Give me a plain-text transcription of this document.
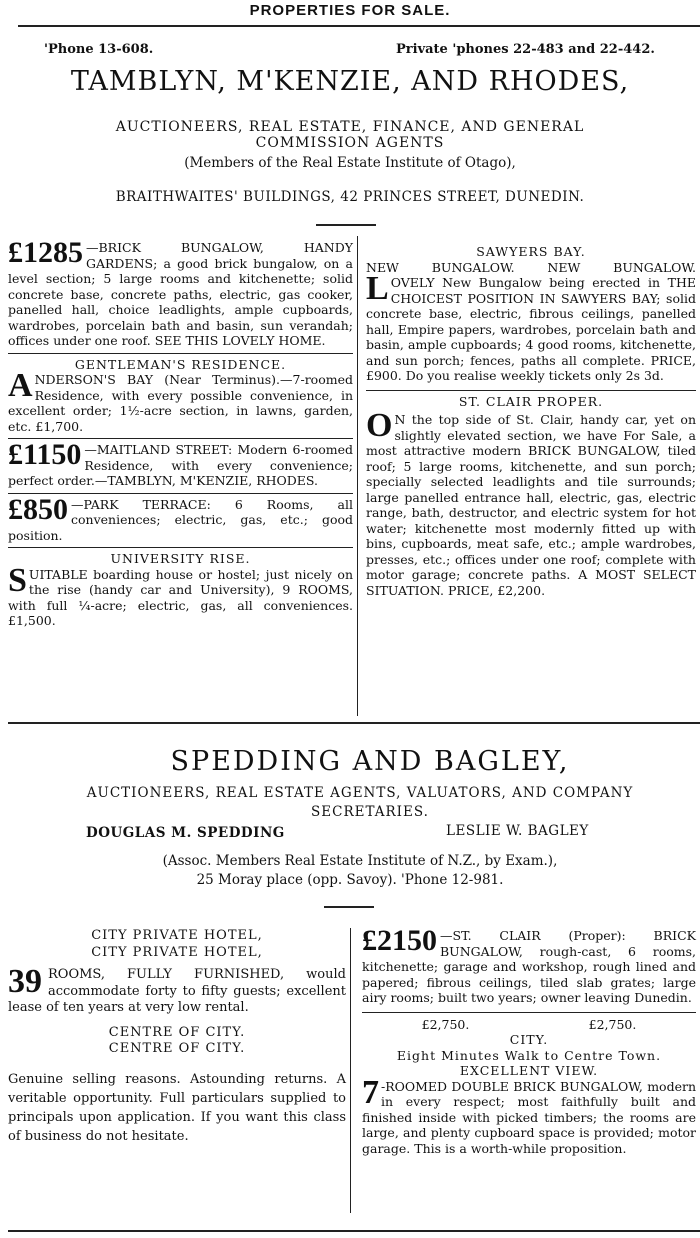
PROPERTIES FOR SALE.
'Phone 13-608.	Private 'phones 22-483 and 22-442.
TAMBLYN, M'KENZIE, AND RHODES,
AUCTIONEERS, REAL ESTATE, FINANCE, AND GENERAL
COMMISSION AGENTS
(Members of the Real Estate Institute of Otago),
BRAITHWAITES' BUILDINGS, 42 PRINCES STREET, DUNEDIN.

£1285 —BRICK BUNGALOW, HANDY GARDENS; a good brick bungalow, on a level section; 5 large rooms and kitchenette; solid concrete base, concrete paths, electric, gas cooker, panelled hall, choice leadlights, ample cupboards, wardrobes, porcelain bath and basin, sun verandah; offices under one roof. SEE THIS LOVELY HOME.

GENTLEMAN'S RESIDENCE.

ANDERSON'S BAY (Near Terminus).—7-roomed Residence, with every possible convenience, in excellent order; 1½-acre section, in lawns, garden, etc. £1,700.

£1150 —MAITLAND STREET: Modern 6-roomed Residence, with every convenience; perfect order.—TAMBLYN, M'KENZIE, RHODES.

£850 —PARK TERRACE: 6 Rooms, all conveniences; electric, gas, etc.; good position.

UNIVERSITY RISE.

SUITABLE boarding house or hostel; just nicely on the rise (handy car and University), 9 ROOMS, with full ¼-acre; electric, gas, all conveniences. £1,500.

SAWYERS BAY.
NEW BUNGALOW. NEW BUNGALOW.

LOVELY New Bungalow being erected in THE CHOICEST POSITION IN SAWYERS BAY; solid concrete base, electric, fibrous ceilings, panelled hall, Empire papers, wardrobes, porcelain bath and basin, ample cupboards; 4 good rooms, kitchenette, and sun porch; fences, paths all complete. PRICE, £900. Do you realise weekly tickets only 2s 3d.

ST. CLAIR PROPER.

O N the top side of St. Clair, handy car, yet on slightly elevated section, we have For Sale, a most attractive modern BRICK BUNGALOW, tiled roof; 5 large rooms, kitchenette, and sun porch; specially selected leadlights and tile surrounds; large panelled entrance hall, electric, gas, electric range, bath, destructor, and electric system for hot water; kitchenette most modernly fitted up with bins, cupboards, meat safe, etc.; ample wardrobes, presses, etc.; offices under one roof; complete with motor garage; concrete paths. A MOST SELECT SITUATION. PRICE, £2,200.

SPEDDING AND BAGLEY,
AUCTIONEERS, REAL ESTATE AGENTS, VALUATORS, AND COMPANY
SECRETARIES.
DOUGLAS M. SPEDDING	LESLIE W. BAGLEY
(Assoc. Members Real Estate Institute of N.Z., by Exam.),
25 Moray place (opp. Savoy). 'Phone 12-981.
CITY PRIVATE HOTEL,
CITY PRIVATE HOTEL,

39 ROOMS, FULLY FURNISHED, would accommodate forty to fifty guests; excellent lease of ten years at very low rental.

CENTRE OF CITY.
CENTRE OF CITY.

Genuine selling reasons. Astounding returns. A veritable opportunity. Full particulars supplied to principals upon application. If you want this class of business do not hesitate.

£2150 —ST. CLAIR (Proper): BRICK BUNGALOW, rough-cast, 6 rooms, kitchenette; garage and workshop, rough lined and papered; fibrous ceilings, tiled slab grates; large airy rooms; built two years; owner leaving Dunedin.

£2,750.	£2,750.
CITY.
Eight Minutes Walk to Centre Town.
EXCELLENT VIEW.

7 -ROOMED DOUBLE BRICK BUNGALOW, modern in every respect; most faithfully built and finished inside with picked timbers; the rooms are large, and plenty cupboard space is provided; motor garage. This is a worth-while proposition.
